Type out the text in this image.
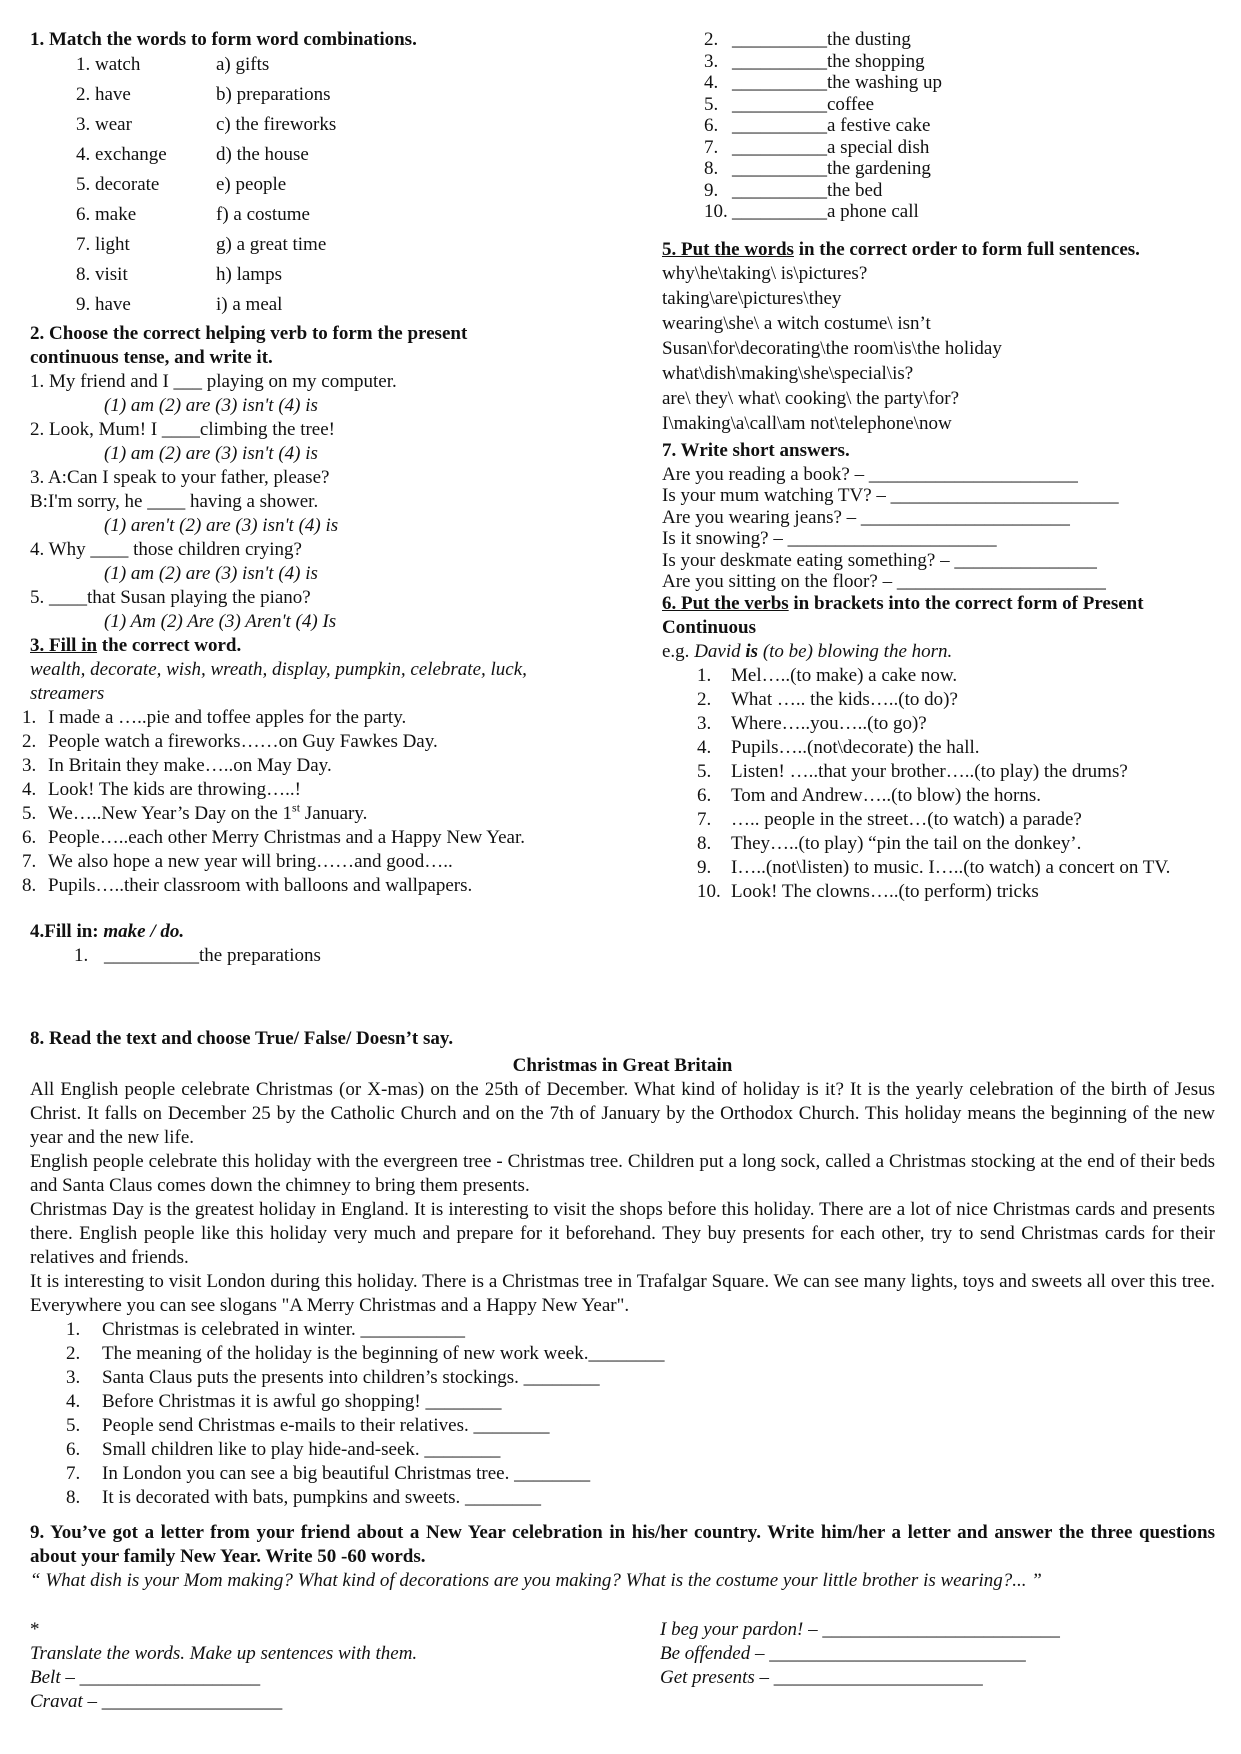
1. Match the words to form word combinations.
1. watch	a) gifts
2. have	b) preparations
3. wear	c) the fireworks
4. exchange	d) the house
5. decorate	e) people
6. make	f) a costume
7. light	g) a great time
8. visit	h) lamps
9. have	i) a meal
2. Choose the correct helping verb to form the present
continuous tense, and write it.
1. My friend and I ___ playing on my computer.
(1) am (2) are (3) isn't (4) is
2. Look, Mum! I ____climbing the tree!
(1) am (2) are (3) isn't (4) is
3. A:Can I speak to your father, please?
B:I'm sorry, he ____ having a shower.
(1) aren't (2) are (3) isn't (4) is
4. Why ____ those children crying?
(1) am (2) are (3) isn't (4) is
5. ____that Susan playing the piano?
(1) Am (2) Are (3) Aren't (4) Is
3. Fill in the correct word.
wealth, decorate, wish, wreath, display, pumpkin, celebrate, luck, streamers
1. I made a …..pie and toffee apples for the party.
2. People watch a fireworks……on Guy Fawkes Day.
3. In Britain they make…..on May Day.
4. Look! The kids are throwing…..!
5. We…..New Year’s Day on the 1st January.
6. People…..each other Merry Christmas and a Happy New Year.
7. We also hope a new year will bring……and good…..
8. Pupils…..their classroom with balloons and wallpapers.
4.Fill in: make / do.
1. __________ the preparations
2. __________ the dusting
3. __________ the shopping
4. __________ the washing up
5. __________ coffee
6. __________ a festive cake
7. __________ a special dish
8. __________ the gardening
9. __________ the bed
10. __________ a phone call
5. Put the words in the correct order to form full sentences.
why\he\taking\ is\pictures?
taking\are\pictures\they
wearing\she\ a witch costume\ isn’t
Susan\for\decorating\the room\is\the holiday
what\dish\making\she\special\is?
are\ they\ what\ cooking\ the party\for?
I\making\a\call\am not\telephone\now
7. Write short answers.
Are you reading a book? – ______________________
Is your mum watching TV? – ________________________
Are you wearing jeans? – ______________________
Is it snowing? – ______________________
Is your deskmate eating something? – _______________
Are you sitting on the floor? – ______________________
6. Put the verbs in brackets into the correct form of Present
Continuous
e.g. David is (to be) blowing the horn.
1.	Mel…..(to make) a cake now.
2.	What ….. the kids…..(to do)?
3.	Where…..you…..(to go)?
4.	Pupils…..(not\decorate) the hall.
5.	Listen! …..that your brother…..(to play) the drums?
6.	Tom and Andrew…..(to blow) the horns.
7.	….. people in the street…(to watch) a parade?
8.	They…..(to play) “pin the tail on the donkey’.
9.	I…..(not\listen) to music. I…..(to watch) a concert on TV.
10. Look! The clowns…..(to perform) tricks
8. Read the text and choose True/ False/ Doesn’t say.
Christmas in Great Britain
All English people celebrate Christmas (or X-mas) on the 25th of December. What kind of holiday is it? It is the yearly celebration of the birth of Jesus Christ. It falls on December 25 by the Catholic Church and on the 7th of January by the Orthodox Church. This holiday means the beginning of the new year and the new life.
English people celebrate this holiday with the evergreen tree - Christmas tree. Children put a long sock, called a Christmas stocking at the end of their beds and Santa Claus comes down the chimney to bring them presents.
Christmas Day is the greatest holiday in England. It is interesting to visit the shops before this holiday. There are a lot of nice Christmas cards and presents there. English people like this holiday very much and prepare for it beforehand. They buy presents for each other, try to send Christmas cards for their relatives and friends.
It is interesting to visit London during this holiday. There is a Christmas tree in Trafalgar Square. We can see many lights, toys and sweets all over this tree. Everywhere you can see slogans "A Merry Christmas and a Happy New Year".
1.	Christmas is celebrated in winter. ___________
2.	The meaning of the holiday is the beginning of new work week.________
3.	Santa Claus puts the presents into children’s stockings. ________
4.	Before Christmas it is awful go shopping! ________
5.	People send Christmas e-mails to their relatives. ________
6.	Small children like to play hide-and-seek. ________
7.	In London you can see a big beautiful Christmas tree. ________
8.	It is decorated with bats, pumpkins and sweets. ________
9. You’ve got a letter from your friend about a New Year celebration in his/her country. Write him/her a letter and answer the three questions about your family New Year. Write 50 -60 words.
“ What dish is your Mom making? What kind of decorations are you making? What is the costume your little brother is wearing?... ”
*
Translate the words. Make up sentences with them.
Belt – ___________________
Cravat – ___________________
I beg your pardon! – _________________________
Be offended – ___________________________
Get presents – ______________________
